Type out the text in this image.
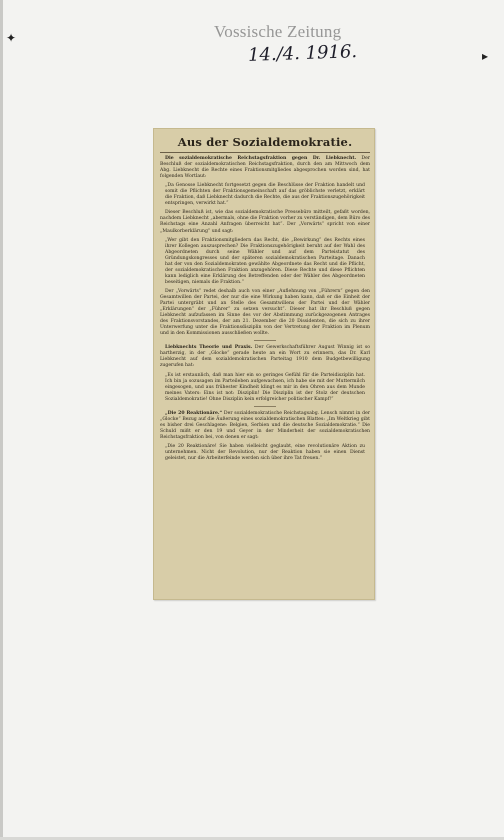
✦
▸
Vossische Zeitung
14./4. 1916.
Aus der Sozialdemokratie.

Die sozialdemokratische Reichstagsfraktion gegen Dr. Liebknecht. Der Beschluß der sozialdemokratischen Reichstagsfraktion, durch den am Mittwoch dem Abg. Liebknecht die Rechte eines Fraktionsmitgliedes abgesprochen worden sind, hat folgenden Wortlaut:

„Da Genosse Liebknecht fortgesetzt gegen die Beschlüsse der Fraktion handelt und somit die Pflichten der Fraktionsgemeinschaft auf das gröblichste verletzt, erklärt die Fraktion, daß Liebknecht dadurch die Rechte, die aus der Fraktionszugehörigkeit entspringen, verwirkt hat.“

Dieser Beschluß ist, wie das sozialdemokratische Pressebüro mitteilt, gefaßt worden, nachdem Liebknecht „abermals, ohne die Fraktion vorher zu verständigen, dem Büro des Reichstags eine Anzahl Anfragen überreicht hat“. Der „Vorwärts“ spricht von einer „Maulkorberklärung“ und sagt:

„Wer gibt den Fraktionsmitgliedern das Recht, die „Bewirkung“ des Rechts eines ihrer Kollegen auszusprechen? Die Fraktionszugehörigkeit beruht auf der Wahl des Abgeordneten durch seine Wähler und auf dem Parteistatut des Gründungskongresses und der späteren sozialdemokratischen Parteitage. Danach hat der von den Sozialdemokraten gewählte Abgeordnete das Recht und die Pflicht, der sozialdemokratischen Fraktion anzugehören. Diese Rechte und diese Pflichten kann lediglich eine Erklärung des Betreffenden oder der Wähler des Abgeordneten beseitigen, niemals die Fraktion.“

Der „Vorwärts“ redet deshalb auch von einer „Auflehnung von „Führern“ gegen den Gesamtwillen der Partei, der nur die eine Wirkung haben kann, daß er die Einheit der Partei untergräbt und an Stelle des Gesamtwillens der Partei und der Wähler „Erklärungen“ der „Führer“ zu setzen versucht“. Dieser hat ihr Beschluß gegen Liebknecht aufzufassen im Sinne des vor der Abstimmung zurückgezogenen Antrages des Fraktionsvorstandes, der am 21. Dezember die 20 Dissidenten, die sich zu ihrer Unterwerfung unter die Fraktionsdisziplin von der Vertretung der Fraktion im Plenum und in den Kommissionen ausschließen wollte.

Liebknechts Theorie und Praxis. Der Gewerkschaftsführer August Winnig ist so hartherzig, in der „Glocke“ gerade heute an ein Wort zu erinnern, das Dr. Karl Liebknecht auf dem sozialdemokratischen Parteitag 1910 dem Budgetbewilligung zugerufen hat:

„Es ist erstaunlich, daß man hier ein so geringes Gefühl für die Parteidisziplin hat. Ich bin ja sozusagen im Parteileben aufgewachsen, ich habe sie mit der Muttermilch eingesogen, und aus frühester Kindheit klingt es mir in den Ohren aus dem Munde meines Vaters: Eins ist not: Disziplin! Die Disziplin ist der Stolz der deutschen Sozialdemokratie! Ohne Disziplin kein erfolgreicher politischer Kampf!“

„Die 20 Reaktionäre.“ Der sozialdemokratische Reichstagsabg. Lensch nimmt in der „Glocke“ Bezug auf die Äußerung eines sozialdemokratischen Blattes: „Im Weltkrieg gibt es bisher drei Geschlagene: Belgien, Serbien und die deutsche Sozialdemokratie.“ Die Schuld mißt er den 19 und Geyer in der Minderheit der sozialdemokratischen Reichstagsfraktion bei, von denen er sagt:

„Die 20 Reaktionäre! Sie haben vielleicht geglaubt, eine revolutionäre Aktion zu unternehmen. Nicht der Revolution, nur der Reaktion haben sie einen Dienst geleistet, nur die Arbeiterfeinde werden sich über ihre Tat freuen.“
